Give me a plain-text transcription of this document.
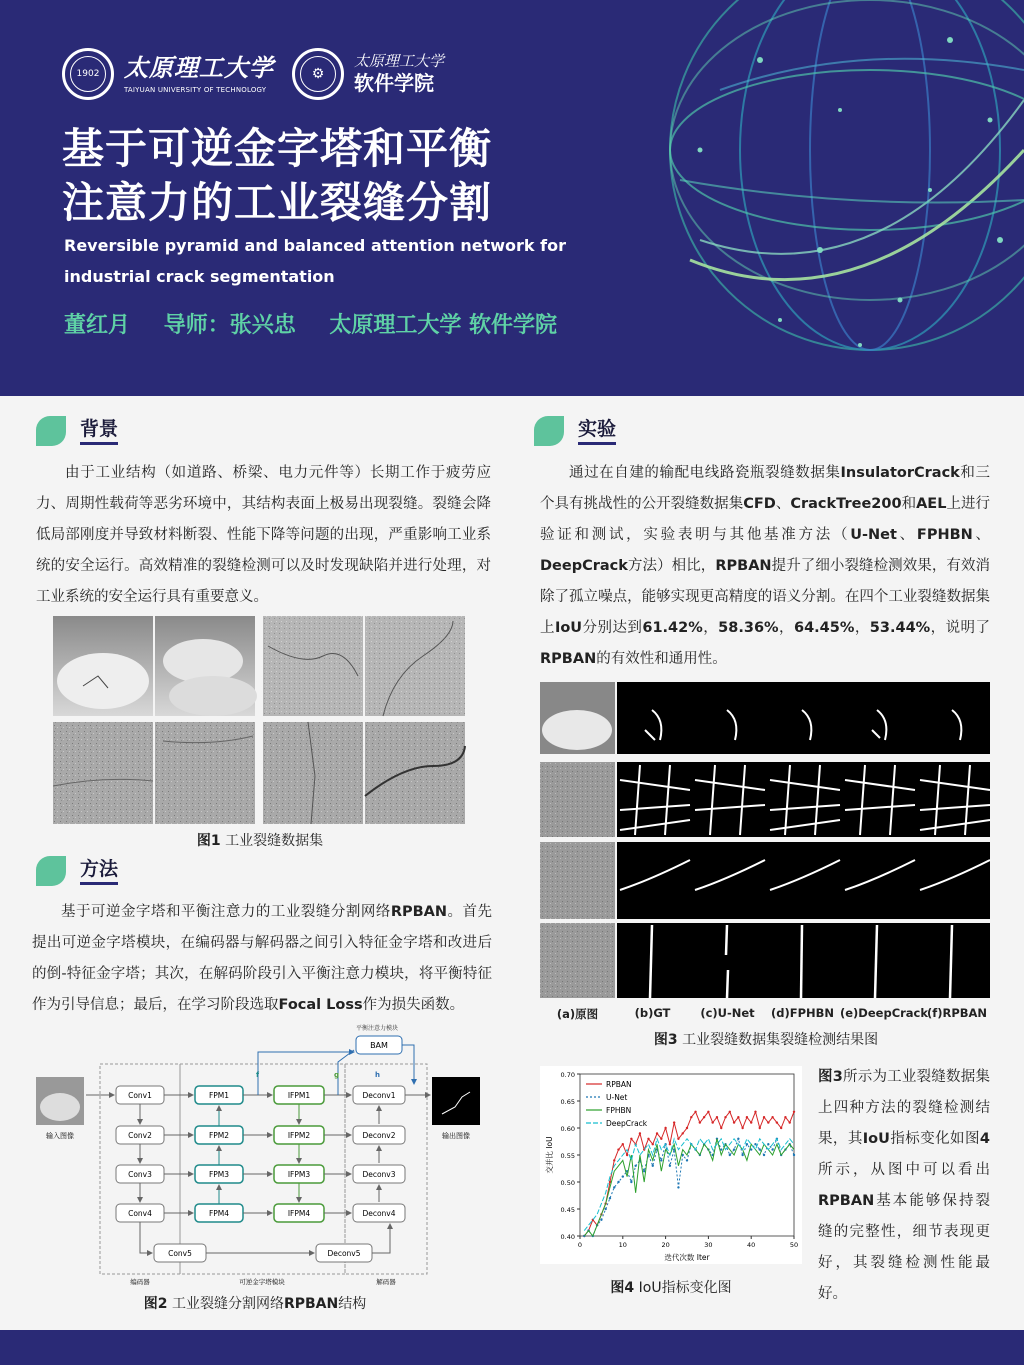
1902 太原理工大学
TAIYUAN UNIVERSITY OF TECHNOLOGY
⚙
太原理工大学
软件学院
基于可逆金字塔和平衡
注意力的工业裂缝分割
Reversible pyramid and balanced attention network for
industrial crack segmentation
董红月 导师：张兴忠 太原理工大学 软件学院
背景

由于工业结构（如道路、桥梁、电力元件等）长期工作于疲劳应力、周期性载荷等恶劣环境中，其结构表面上极易出现裂缝。裂缝会降低局部刚度并导致材料断裂、性能下降等问题的出现，严重影响工业系统的安全运行。高效精准的裂缝检测可以及时发现缺陷并进行处理，对工业系统的安全运行具有重要意义。

图1 工业裂缝数据集
方法

基于可逆金字塔和平衡注意力的工业裂缝分割网络RPBAN。首先提出可逆金字塔模块，在编码器与解码器之间引入特征金字塔和改进后的倒-特征金字塔；其次，在解码阶段引入平衡注意力模块，将平衡特征作为引导信息；最后，在学习阶段选取Focal Loss作为损失函数。

平衡注意力模块
BAM
输入图像	输出图像
编码器	可逆金字塔模块	解码器
Conv1
Conv2
Conv3
Conv4
Conv5
FPM1
FPM2
FPM3
FPM4
IFPM1
IFPM2
IFPM3
IFPM4
Deconv1
Deconv2
Deconv3
Deconv4
Deconv5
f	g	h
图2 工业裂缝分割网络RPBAN结构
实验

通过在自建的输配电线路瓷瓶裂缝数据集InsulatorCrack和三个具有挑战性的公开裂缝数据集CFD、CrackTree200和AEL上进行验证和测试，实验表明与其他基准方法（U-Net、FPHBN、DeepCrack方法）相比，RPBAN提升了细小裂缝检测效果，有效消除了孤立噪点，能够实现更高精度的语义分割。在四个工业裂缝数据集上IoU分别达到61.42%，58.36%，64.45%，53.44%，说明了RPBAN的有效性和通用性。

(a)原图	(b)GT	(c)U-Net	(d)FPHBN (e)DeepCrack
(f)RPBAN
图3 工业裂缝数据集裂缝检测结果图
0.40
0.45
0.50
0.55
0.60
0.65
0.70
0	10	20	30	40	50
迭代次数 Iter
交并比 IoU
RPBAN
U-Net
FPHBN
DeepCrack
图4 IoU指标变化图

图3所示为工业裂缝数据集上四种方法的裂缝检测结果，其IoU指标变化如图4所示，从图中可以看出RPBAN基本能够保持裂缝的完整性，细节表现更好，其裂缝检测性能最好。
